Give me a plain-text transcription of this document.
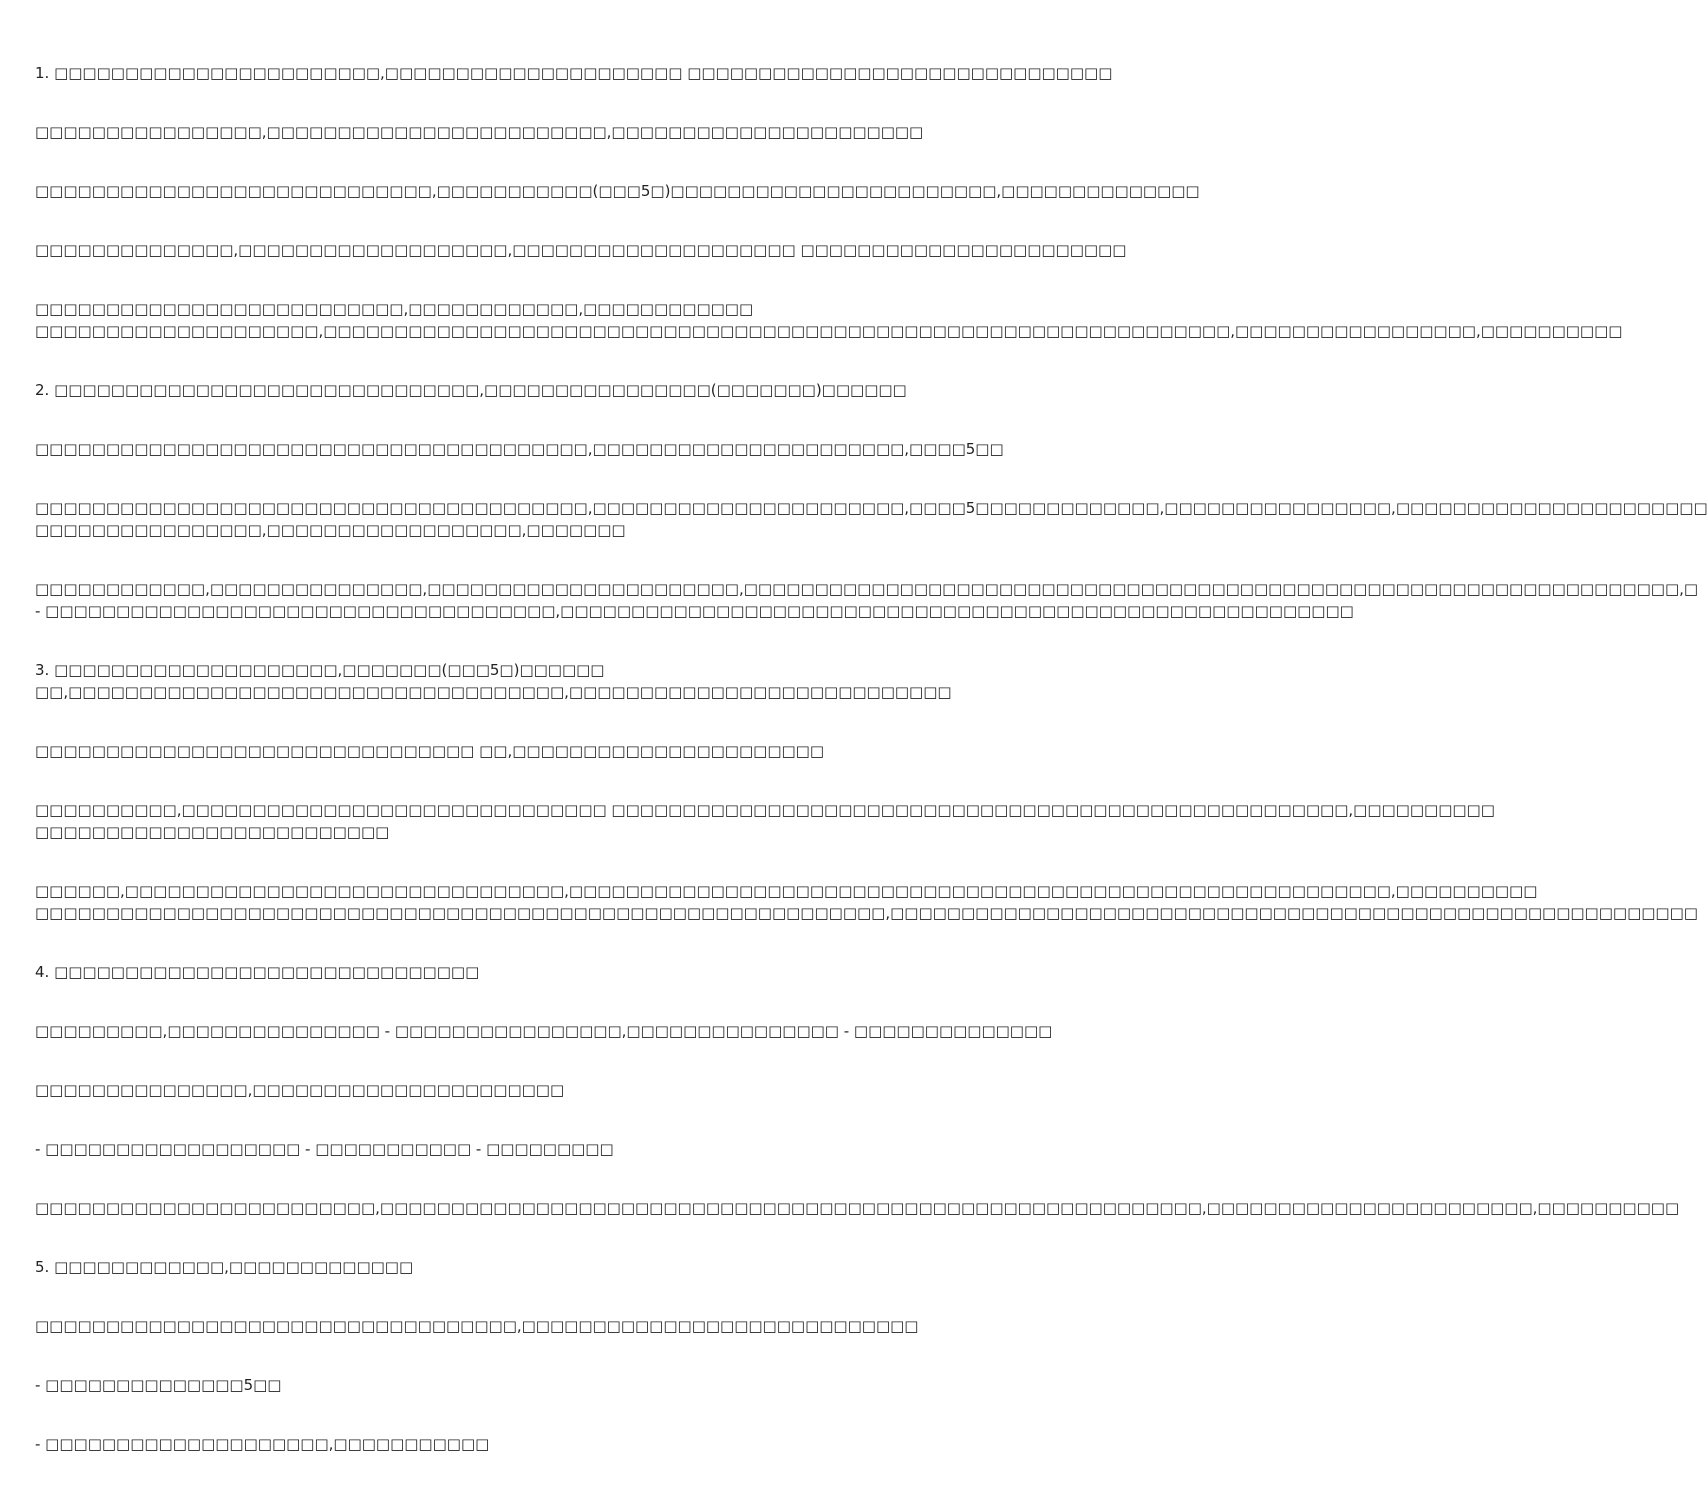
1. □□□□□□□□□□□□□□□□□□□□□□□,□□□□□□□□□□□□□□□□□□□□□ □□□□□□□□□□□□□□□□□□□□□□□□□□□□□□
□□□□□□□□□□□□□□□□,□□□□□□□□□□□□□□□□□□□□□□□□,□□□□□□□□□□□□□□□□□□□□□□
□□□□□□□□□□□□□□□□□□□□□□□□□□□□,□□□□□□□□□□□(□□□5□)□□□□□□□□□□□□□□□□□□□□□□□,□□□□□□□□□□□□□□
□□□□□□□□□□□□□□,□□□□□□□□□□□□□□□□□□□,□□□□□□□□□□□□□□□□□□□□ □□□□□□□□□□□□□□□□□□□□□□□
□□□□□□□□□□□□□□□□□□□□□□□□□□,□□□□□□□□□□□□,□□□□□□□□□□□□
□□□□□□□□□□□□□□□□□□□□,□□□□□□□□□□□□□□□□□□□□□□□□□□□□□□□□□□□□□□□□□□□□□□□□□□□□□□□□□□□□□□□□,□□□□□□□□□□□□□□□□□,□□□□□□□□□□
2. □□□□□□□□□□□□□□□□□□□□□□□□□□□□□□,□□□□□□□□□□□□□□□□(□□□□□□□)□□□□□□
□□□□□□□□□□□□□□□□□□□□□□□□□□□□□□□□□□□□□□□,□□□□□□□□□□□□□□□□□□□□□□,□□□□5□□
□□□□□□□□□□□□□□□□□□□□□□□□□□□□□□□□□□□□□□□,□□□□□□□□□□□□□□□□□□□□□□,□□□□5□□□□□□□□□□□□□,□□□□□□□□□□□□□□□□,□□□□□□□□□□□□□□□□□□□□□□
□□□□□□□□□□□□□□□□,□□□□□□□□□□□□□□□□□□,□□□□□□□
□□□□□□□□□□□□,□□□□□□□□□□□□□□□,□□□□□□□□□□□□□□□□□□□□□□,□□□□□□□□□□□□□□□□□□□□□□□□□□□□□□□□□□□□□□□□□□□□□□□□□□□□□□□□□□□□□□□□□□,□
- □□□□□□□□□□□□□□□□□□□□□□□□□□□□□□□□□□□□,□□□□□□□□□□□□□□□□□□□□□□□□□□□□□□□□□□□□□□□□□□□□□□□□□□□□□□□□
3. □□□□□□□□□□□□□□□□□□□□,□□□□□□□(□□□5□)□□□□□□
□□,□□□□□□□□□□□□□□□□□□□□□□□□□□□□□□□□□□□,□□□□□□□□□□□□□□□□□□□□□□□□□□□
□□□□□□□□□□□□□□□□□□□□□□□□□□□□□□□ □□,□□□□□□□□□□□□□□□□□□□□□□
□□□□□□□□□□,□□□□□□□□□□□□□□□□□□□□□□□□□□□□□□ □□□□□□□□□□□□□□□□□□□□□□□□□□□□□□□□□□□□□□□□□□□□□□□□□□□□,□□□□□□□□□□
□□□□□□□□□□□□□□□□□□□□□□□□□
□□□□□□,□□□□□□□□□□□□□□□□□□□□□□□□□□□□□□□,□□□□□□□□□□□□□□□□□□□□□□□□□□□□□□□□□□□□□□□□□□□□□□□□□□□□□□□□□□,□□□□□□□□□□
□□□□□□□□□□□□□□□□□□□□□□□□□□□□□□□□□□□□□□□□□□□□□□□□□□□□□□□□□□□□,□□□□□□□□□□□□□□□□□□□□□□□□□□□□□□□□□□□□□□□□□□□□□□□□□□□□□□□□□
4. □□□□□□□□□□□□□□□□□□□□□□□□□□□□□□
□□□□□□□□□,□□□□□□□□□□□□□□□ - □□□□□□□□□□□□□□□□,□□□□□□□□□□□□□□□ - □□□□□□□□□□□□□□
□□□□□□□□□□□□□□□,□□□□□□□□□□□□□□□□□□□□□□
- □□□□□□□□□□□□□□□□□□ - □□□□□□□□□□□ - □□□□□□□□□
□□□□□□□□□□□□□□□□□□□□□□□□,□□□□□□□□□□□□□□□□□□□□□□□□□□□□□□□□□□□□□□□□□□□□□□□□□□□□□□□□□□,□□□□□□□□□□□□□□□□□□□□□□□,□□□□□□□□□□
5. □□□□□□□□□□□□,□□□□□□□□□□□□□
□□□□□□□□□□□□□□□□□□□□□□□□□□□□□□□□□□,□□□□□□□□□□□□□□□□□□□□□□□□□□□□
- □□□□□□□□□□□□□□5□□
- □□□□□□□□□□□□□□□□□□□□,□□□□□□□□□□□
